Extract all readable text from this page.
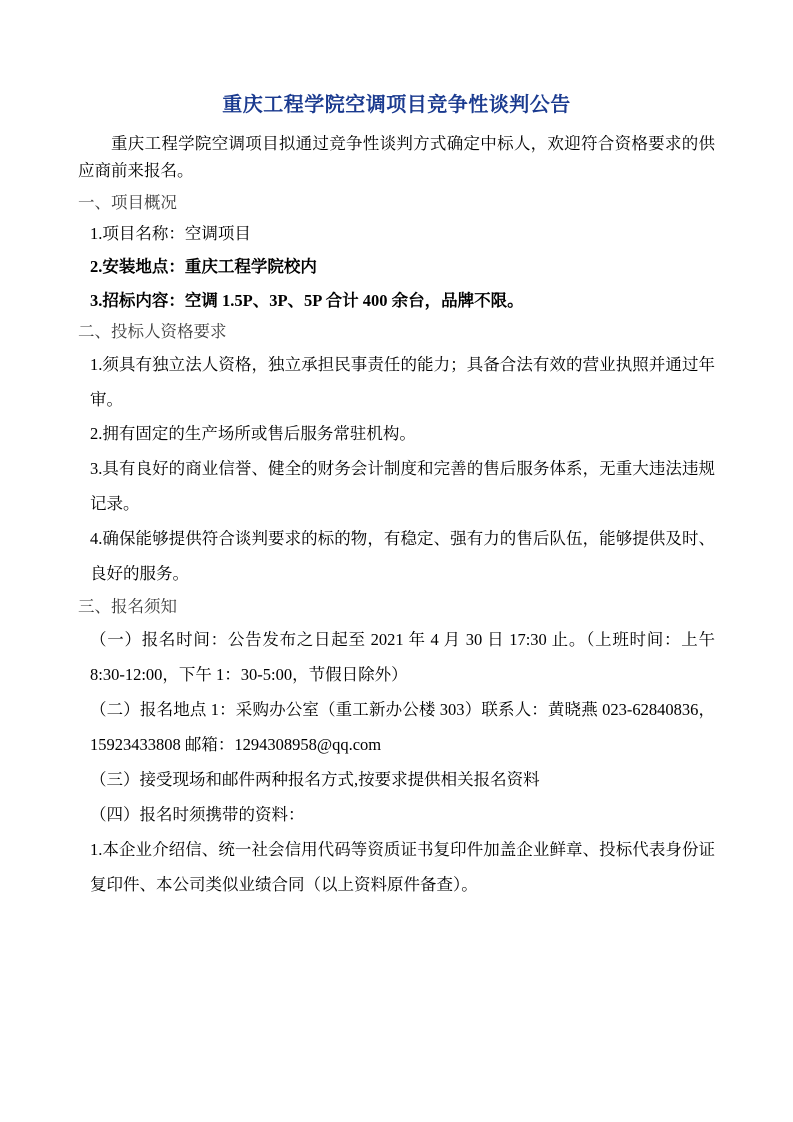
重庆工程学院空调项目竞争性谈判公告

重庆工程学院空调项目拟通过竞争性谈判方式确定中标人，欢迎符合资格要求的供应商前来报名。

一、项目概况

1.项目名称：空调项目

2.安装地点：重庆工程学院校内

3.招标内容：空调 1.5P、3P、5P 合计 400 余台，品牌不限。

二、投标人资格要求

1.须具有独立法人资格，独立承担民事责任的能力；具备合法有效的营业执照并通过年审。

2.拥有固定的生产场所或售后服务常驻机构。

3.具有良好的商业信誉、健全的财务会计制度和完善的售后服务体系，无重大违法违规记录。

4.确保能够提供符合谈判要求的标的物，有稳定、强有力的售后队伍，能够提供及时、良好的服务。

三、报名须知

（一）报名时间：公告发布之日起至 2021 年 4 月 30 日 17:30 止。（上班时间：上午 8:30-12:00，下午 1：30-5:00，节假日除外）

（二）报名地点 1：采购办公室（重工新办公楼 303）联系人：黄晓燕 023-62840836，15923433808 邮箱：1294308958@qq.com

（三）接受现场和邮件两种报名方式,按要求提供相关报名资料

（四）报名时须携带的资料：

1.本企业介绍信、统一社会信用代码等资质证书复印件加盖企业鲜章、投标代表身份证复印件、本公司类似业绩合同（以上资料原件备查）。
